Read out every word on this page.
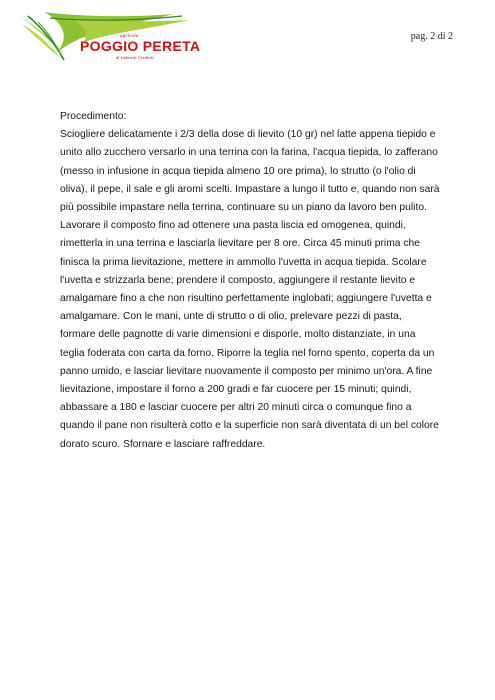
agricola
POGGIO PERETA
di Gabriele Cordichi
pag. 2 di 2

Procedimento:

Sciogliere delicatamente i 2/3 della dose di lievito (10 gr) nel latte appena tiepido e unito allo zucchero versarlo in una terrina con la farina, l'acqua tiepida, lo zafferano (messo in infusione in acqua tiepida almeno 10 ore prima), lo strutto (o l'olio di oliva), il pepe, il sale e gli aromi scelti. Impastare a lungo il tutto e, quando non sarà più possibile impastare nella terrina, continuare su un piano da lavoro ben pulito. Lavorare il composto fino ad ottenere una pasta liscia ed omogenea, quindi, rimetterla in una terrina e lasciarla lievitare per 8 ore. Circa 45 minuti prima che finisca la prima lievitazione, mettere in ammollo l'uvetta in acqua tiepida. Scolare l'uvetta e strizzarla bene; prendere il composto, aggiungere il restante lievito e amalgamare fino a che non risultino perfettamente inglobati; aggiungere l'uvetta e amalgamare. Con le mani, unte di strutto o di olio, prelevare pezzi di pasta, formare delle pagnotte di varie dimensioni e disporle, molto distanziate, in una teglia foderata con carta da forno. Riporre la teglia nel forno spento, coperta da un panno umido, e lasciar lievitare nuovamente il composto per minimo un'ora. A fine lievitazione, impostare il forno a 200 gradi e far cuocere per 15 minuti; quindi, abbassare a 180 e lasciar cuocere per altri 20 minuti circa o comunque fino a quando il pane non risulterà cotto e la superficie non sarà diventata di un bel colore dorato scuro. Sfornare e lasciare raffreddare.
